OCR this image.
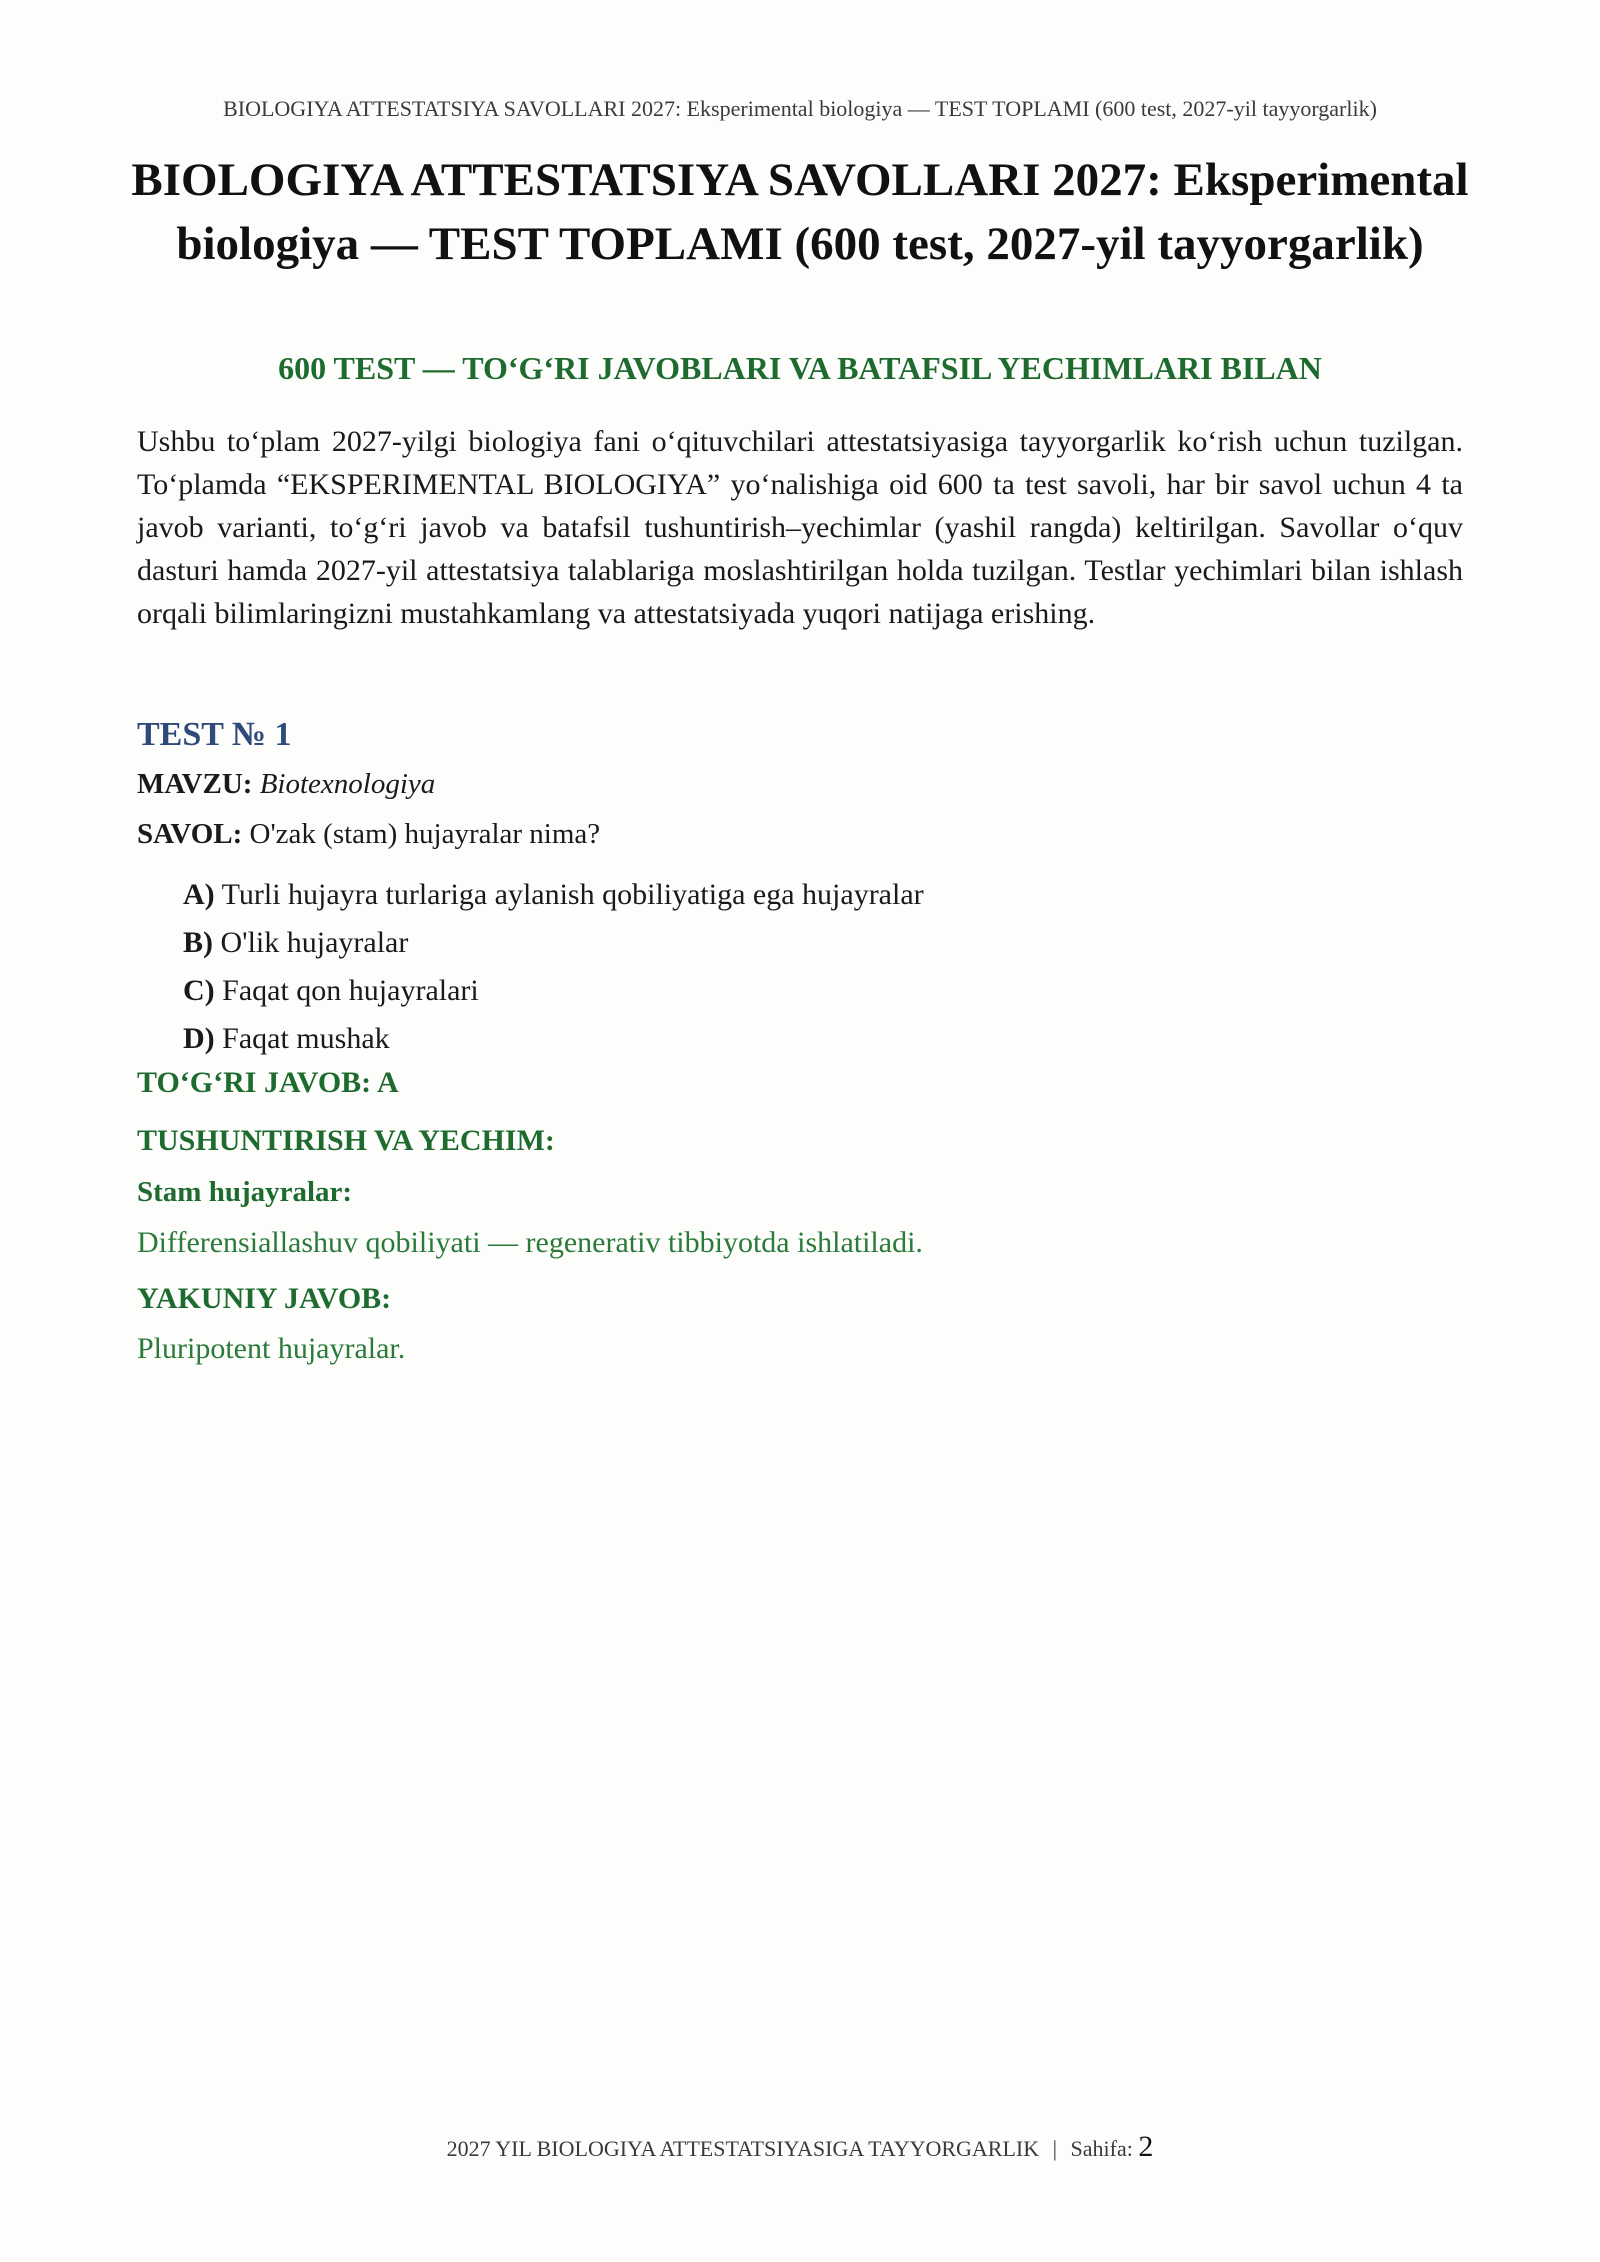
BIOLOGIYA ATTESTATSIYA SAVOLLARI 2027: Eksperimental biologiya — TEST TOPLAMI (600 test, 2027-yil tayyorgarlik)
BIOLOGIYA ATTESTATSIYA SAVOLLARI 2027: Eksperimental biologiya — TEST TOPLAMI (600 test, 2027-yil tayyorgarlik)
600 TEST — TO‘G‘RI JAVOBLARI VA BATAFSIL YECHIMLARI BILAN
Ushbu to‘plam 2027-yilgi biologiya fani o‘qituvchilari attestatsiyasiga tayyorgarlik ko‘rish uchun tuzilgan. To‘plamda “EKSPERIMENTAL BIOLOGIYA” yo‘nalishiga oid 600 ta test savoli, har bir savol uchun 4 ta javob varianti, to‘g‘ri javob va batafsil tushuntirish–yechimlar (yashil rangda) keltirilgan. Savollar o‘quv dasturi hamda 2027-yil attestatsiya talablariga moslashtirilgan holda tuzilgan. Testlar yechimlari bilan ishlash orqali bilimlaringizni mustahkamlang va attestatsiyada yuqori natijaga erishing.
TEST № 1
MAVZU: Biotexnologiya
SAVOL: O'zak (stam) hujayralar nima?
A) Turli hujayra turlariga aylanish qobiliyatiga ega hujayralar
B) O'lik hujayralar
C) Faqat qon hujayralari
D) Faqat mushak
TO‘G‘RI JAVOB: A
TUSHUNTIRISH VA YECHIM:
Stam hujayralar:
Differensiallashuv qobiliyati — regenerativ tibbiyotda ishlatiladi.
YAKUNIY JAVOB:
Pluripotent hujayralar.
2027 YIL BIOLOGIYA ATTESTATSIYASIGA TAYYORGARLIK | Sahifa: 2
